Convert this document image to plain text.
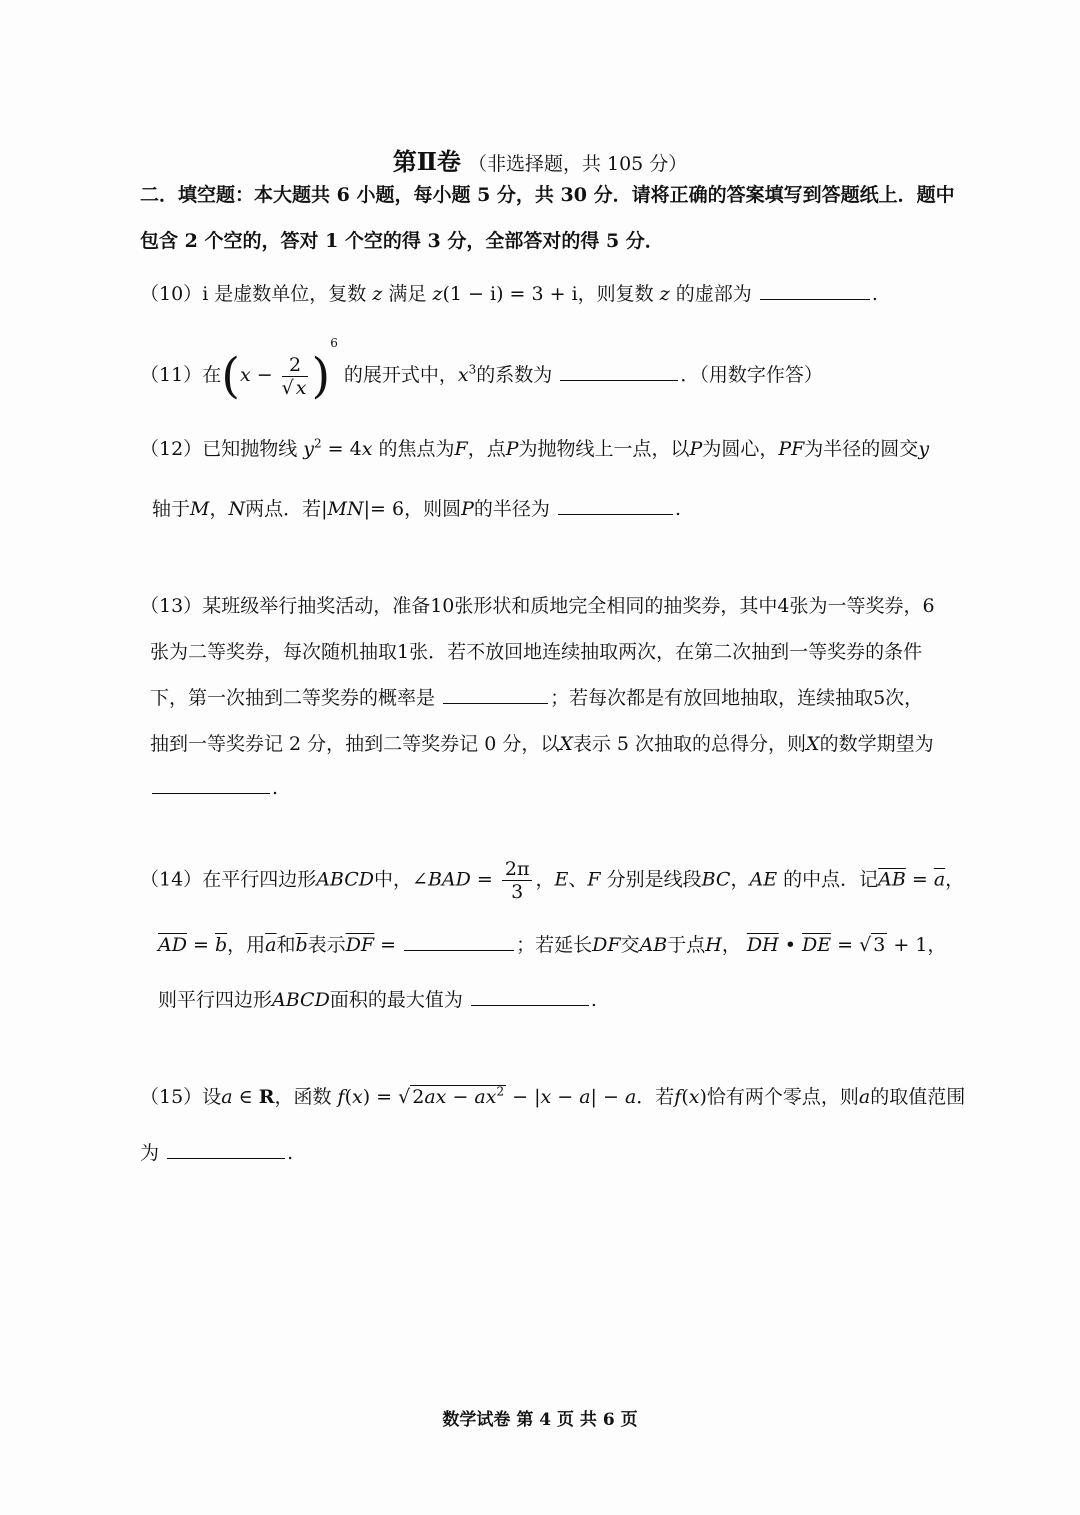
第Ⅱ卷 （非选择题，共 105 分）
二．填空题：本大题共 6 小题，每小题 5 分，共 30 分．请将正确的答案填写到答题纸上．题中
包含 2 个空的，答对 1 个空的得 3 分，全部答对的得 5 分．
（10）i 是虚数单位，复数 z 满足 z(1 − i) = 3 + i，则复数 z 的虚部为	.
（11）在$(x - \frac{2}{√ x} )^6$ 的展开式中，$x^3$的系数为	．（用数字作答）
（12）已知抛物线 $y^2 = 4x$ 的焦点为F，点P为抛物线上一点，以P为圆心，PF为半径的圆交y
轴于M，N两点．若|MN|= 6，则圆P的半径为	.
（13）某班级举行抽奖活动，准备10张形状和质地完全相同的抽奖券，其中4张为一等奖券，6
张为二等奖券，每次随机抽取1张．若不放回地连续抽取两次，在第二次抽到一等奖券的条件
下，第一次抽到二等奖券的概率是	；若每次都是有放回地抽取，连续抽取5次，
抽到一等奖券记 2 分，抽到二等奖券记 0 分，以X表示 5 次抽取的总得分，则X的数学期望为
.
（14）在平行四边形ABCD中，∠BAD = $\frac{2\pi}{3}$ ，E、F 分别是线段BC，AE 的中点．记$\overline{AB} = \overline{a}$，
$\overline{AD} = \overline{b}$，用$\overline{a}$和$\overline{b}$表示$\overline{DF}$ =	；若延长DF交AB于点H， $\overline{DH}$ • $\overline{DE}$ = √ 3 + 1，
则平行四边形ABCD面积的最大值为	.
（15）设a ∈ R，函数 f(x) = √ $2ax - ax^2 - |x - a| - a$．若f(x)恰有两个零点，则a的取值范围
为	.
数学试卷 第 4 页 共 6 页
